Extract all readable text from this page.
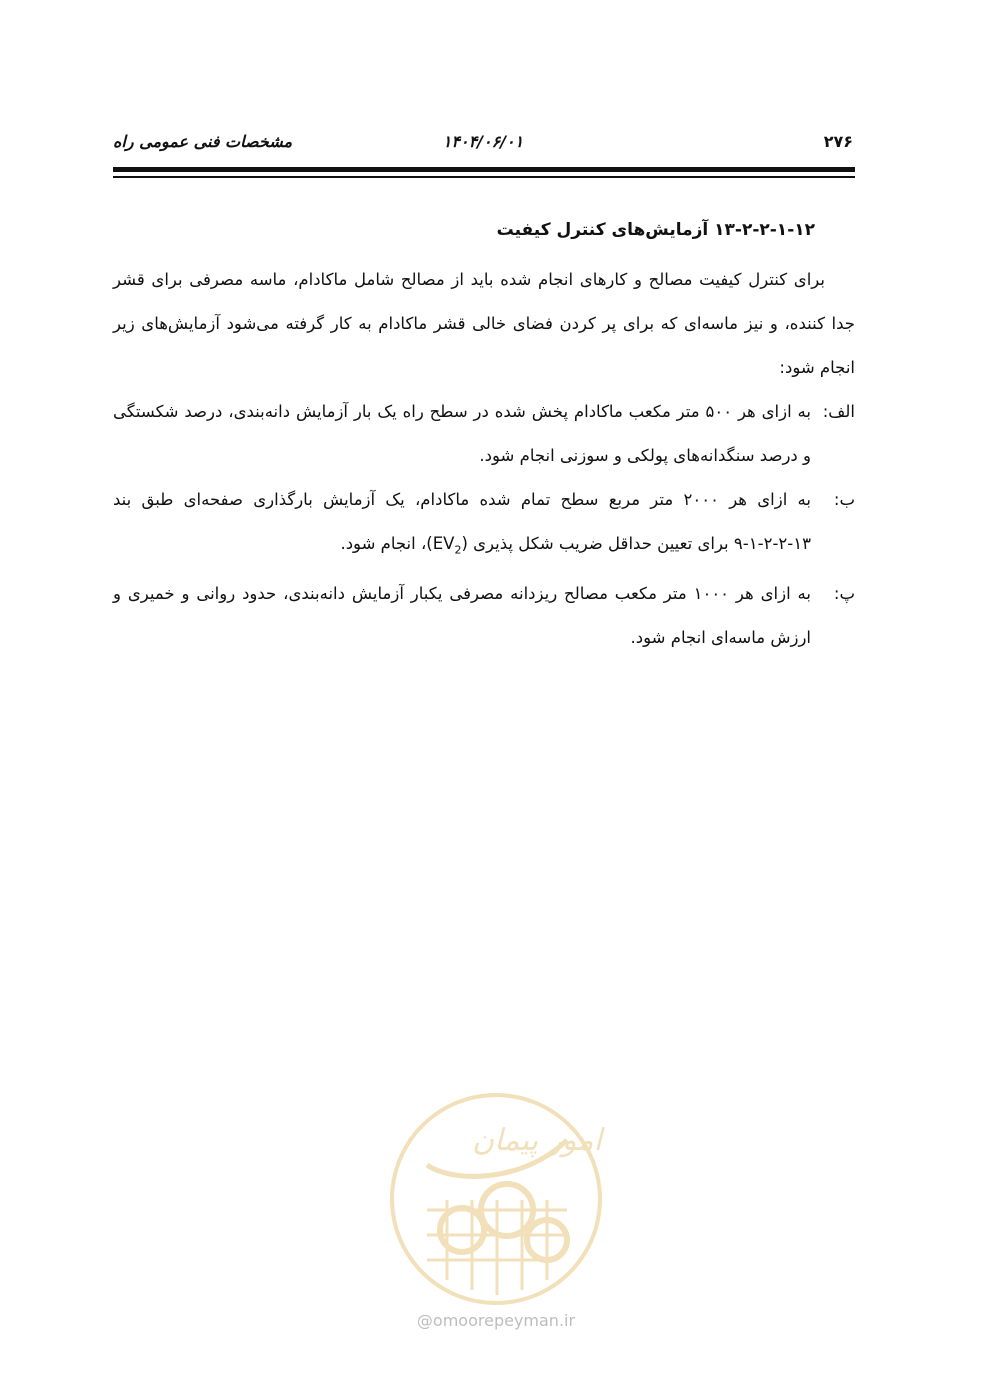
۲۷۶
۱۴۰۴/۰۶/۰۱
مشخصات فنی عمومی راه
۱۳-۲-۲-۱-۱۲ آزمایش‌های کنترل کیفیت

برای کنترل کیفیت مصالح و کارهای انجام شده باید از مصالح شامل ماکادام، ماسه مصرفی برای قشر جدا کننده، و نیز ماسه‌ای که برای پر کردن فضای خالی قشر ماکادام به کار گرفته می‌شود آزمایش‌های زیر انجام شود:

الف:
به ازای هر ۵۰۰ متر مکعب ماکادام پخش شده در سطح راه یک بار آزمایش دانه‌بندی، درصد شکستگی و درصد سنگدانه‌های پولکی و سوزنی انجام شود.
ب:
به ازای هر ۲۰۰۰ متر مربع سطح تمام شده ماکادام، یک آزمایش بارگذاری صفحه‌ای طبق بند ۱۳-۲-۲-۱-۹ برای تعیین حداقل ضریب شکل پذیری $(EV_2)،$ انجام شود.
پ:
به ازای هر ۱۰۰۰ متر مکعب مصالح ریزدانه مصرفی یکبار آزمایش دانه‌بندی، حدود روانی و خمیری و ارزش ماسه‌ای انجام شود.
امور پیمان
@omoorepeyman.ir
